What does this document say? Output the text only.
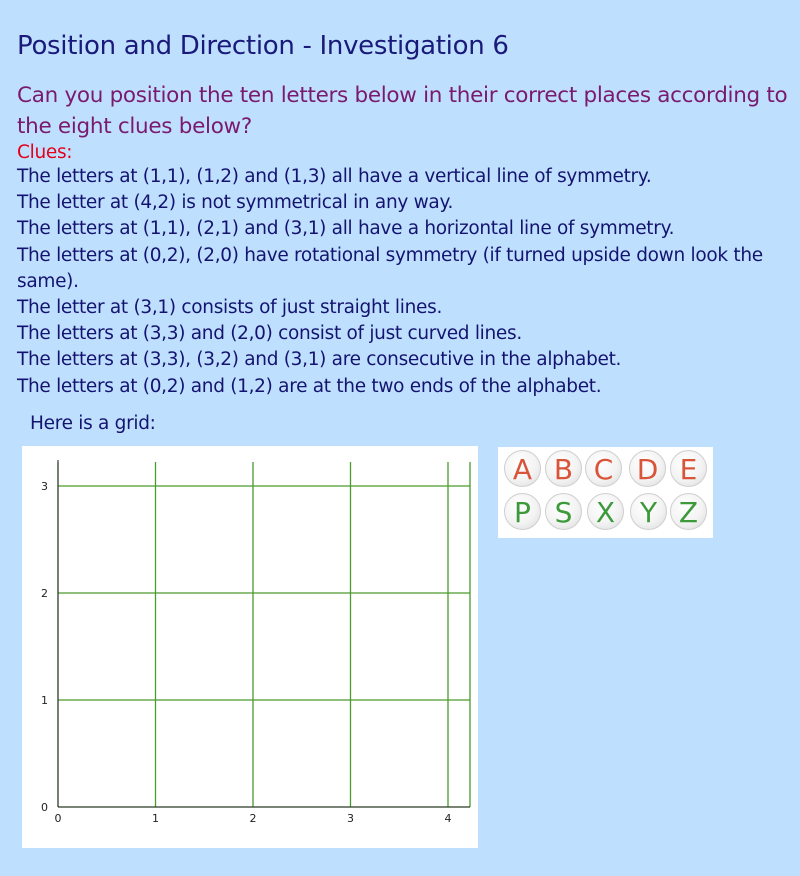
Position and Direction - Investigation 6
Can you position the ten letters below in their correct places according to the eight clues below?
Clues:
The letters at (1,1), (1,2) and (1,3) all have a vertical line of symmetry.
The letter at (4,2) is not symmetrical in any way.
The letters at (1,1), (2,1) and (3,1) all have a horizontal line of symmetry.
The letters at (0,2), (2,0) have rotational symmetry (if turned upside down look the same).
The letter at (3,1) consists of just straight lines.
The letters at (3,3) and (2,0) consist of just curved lines.
The letters at (3,3), (3,2) and (3,1) are consecutive in the alphabet.
The letters at (0,2) and (1,2) are at the two ends of the alphabet.
Here is a grid:
0	1	2	3	4
0
1
2
3
A B C D E
P S X Y Z
